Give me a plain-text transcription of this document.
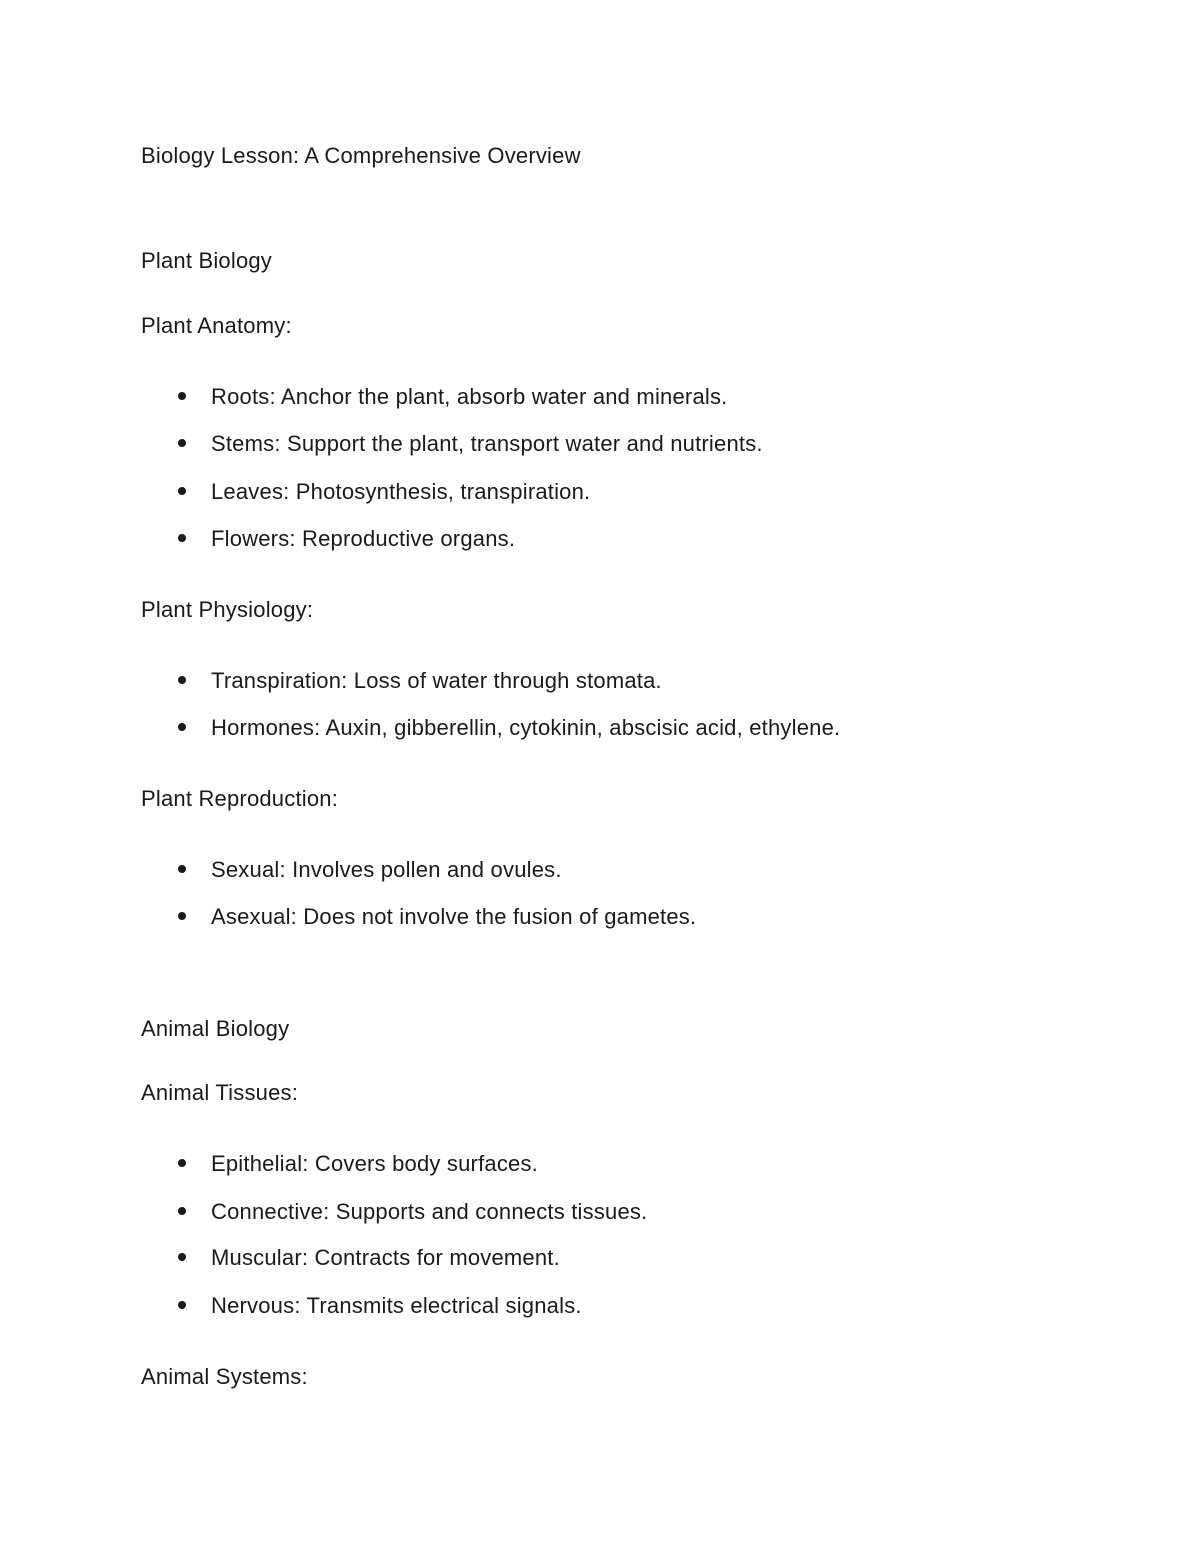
Biology Lesson: A Comprehensive Overview
Plant Biology
Plant Anatomy:
Roots: Anchor the plant, absorb water and minerals.
Stems: Support the plant, transport water and nutrients.
Leaves: Photosynthesis, transpiration.
Flowers: Reproductive organs.
Plant Physiology:
Transpiration: Loss of water through stomata.
Hormones: Auxin, gibberellin, cytokinin, abscisic acid, ethylene.
Plant Reproduction:
Sexual: Involves pollen and ovules.
Asexual: Does not involve the fusion of gametes.
Animal Biology
Animal Tissues:
Epithelial: Covers body surfaces.
Connective: Supports and connects tissues.
Muscular: Contracts for movement.
Nervous: Transmits electrical signals.
Animal Systems:
